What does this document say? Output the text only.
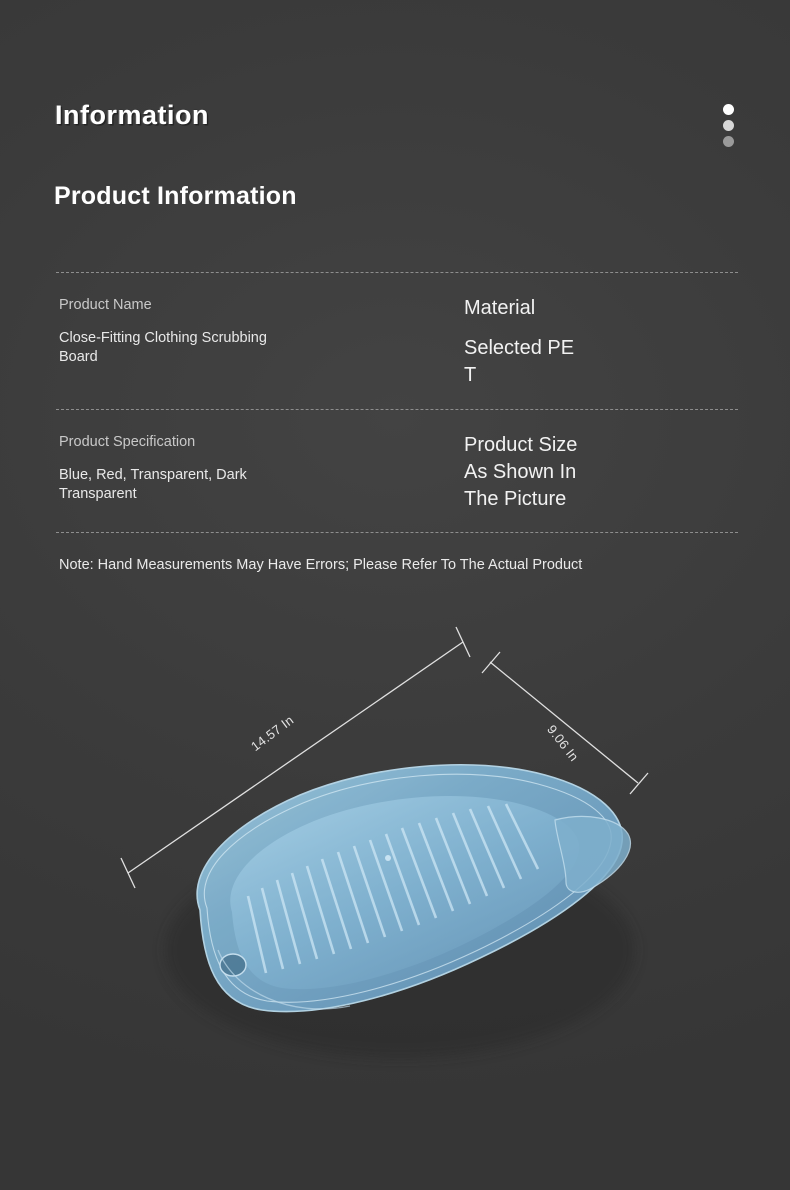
Information
Product Information
Product Name
Close-Fitting Clothing Scrubbing Board
Material
Selected PET
Product Specification
Blue, Red, Transparent, Dark Transparent
Product Size As Shown In The Picture
Note: Hand Measurements May Have Errors; Please Refer To The Actual Product
14.57 In	9.06 In
